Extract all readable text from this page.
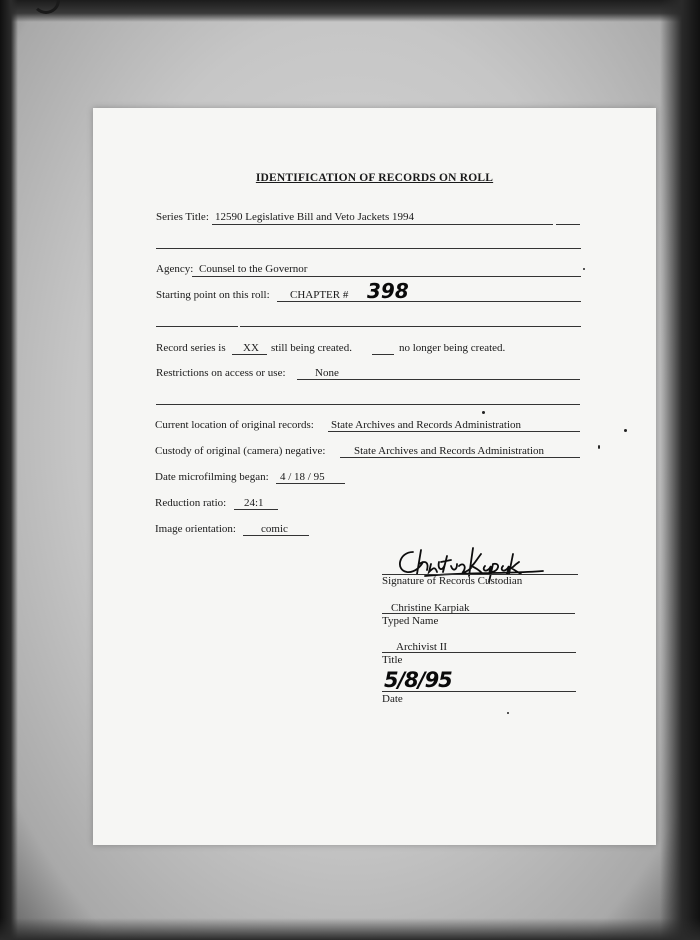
IDENTIFICATION OF RECORDS ON ROLL
Series Title: 12590 Legislative Bill and Veto Jackets 1994
Agency: Counsel to the Governor
Starting point on this roll: CHAPTER # 398
Record series is XX still being created.	no longer being created.
Restrictions on access or use:	None
Current location of original records: State Archives and Records Administration
Custody of original (camera) negative:	State Archives and Records Administration
Date microfilming began: 4 / 18 / 95
Reduction ratio: 24:1
Image orientation: comic
Signature of Records Custodian
Christine Karpiak
Typed Name
Archivist II
Title
5/8/95
Date
